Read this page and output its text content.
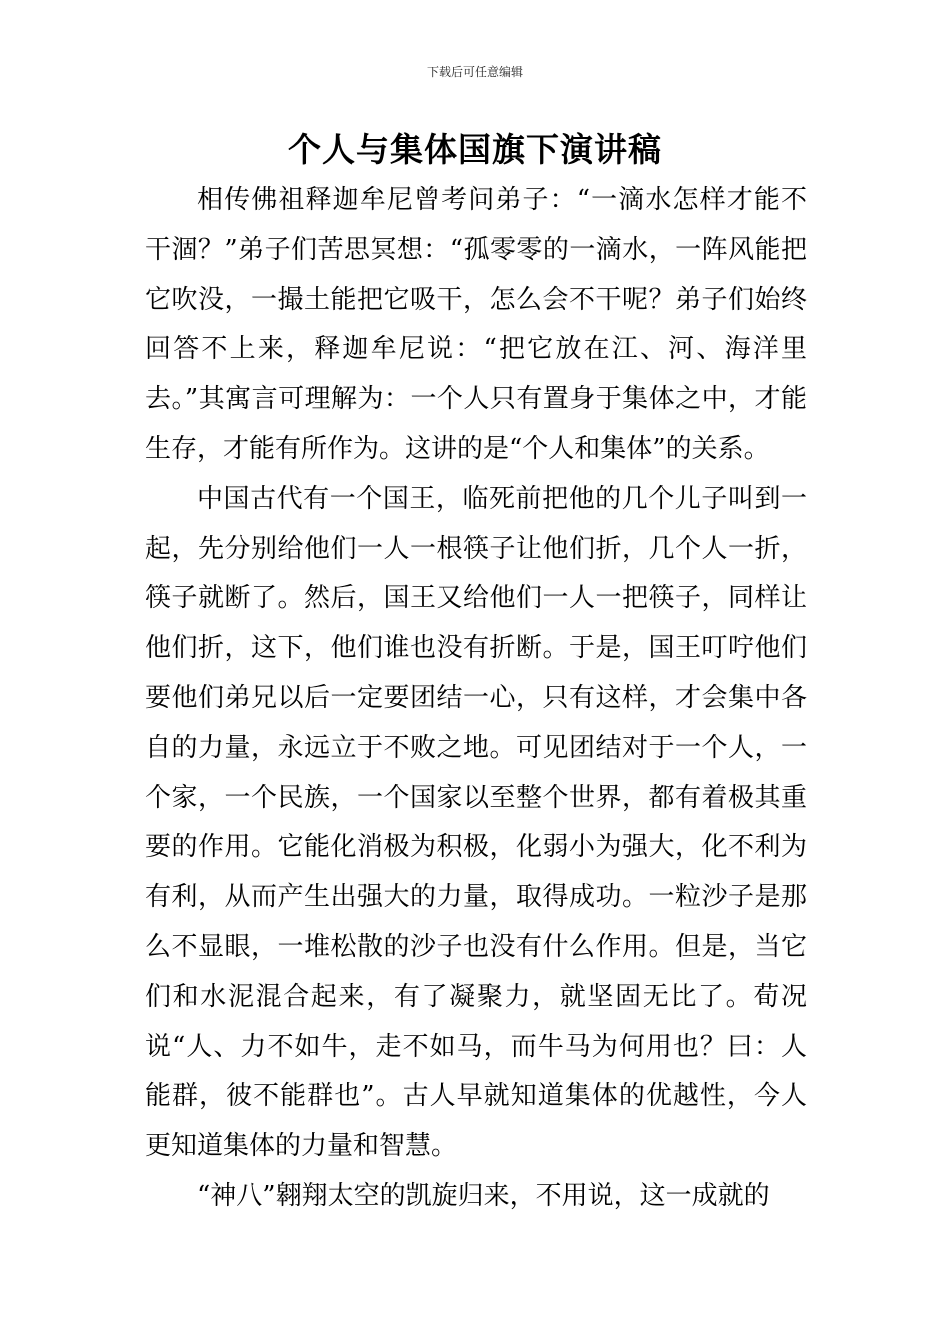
下载后可任意编辑
个人与集体国旗下演讲稿

相传佛祖释迦牟尼曾考问弟子：“一滴水怎样才能不干涸？”弟子们苦思冥想：“孤零零的一滴水，一阵风能把它吹没，一撮土能把它吸干，怎么会不干呢？弟子们始终回答不上来，释迦牟尼说：“把它放在江、河、海洋里去。”其寓言可理解为：一个人只有置身于集体之中，才能生存，才能有所作为。这讲的是“个人和集体”的关系。

中国古代有一个国王，临死前把他的几个儿子叫到一起，先分别给他们一人一根筷子让他们折，几个人一折，筷子就断了。然后，国王又给他们一人一把筷子，同样让他们折，这下，他们谁也没有折断。于是，国王叮咛他们要他们弟兄以后一定要团结一心，只有这样，才会集中各自的力量，永远立于不败之地。可见团结对于一个人，一个家，一个民族，一个国家以至整个世界，都有着极其重要的作用。它能化消极为积极，化弱小为强大，化不利为有利，从而产生出强大的力量，取得成功。一粒沙子是那么不显眼，一堆松散的沙子也没有什么作用。但是，当它们和水泥混合起来，有了凝聚力，就坚固无比了。荀况说“人、力不如牛，走不如马，而牛马为何用也？曰：人能群，彼不能群也”。古人早就知道集体的优越性，今人更知道集体的力量和智慧。

“神八”翱翔太空的凯旋归来，不用说，这一成就的
